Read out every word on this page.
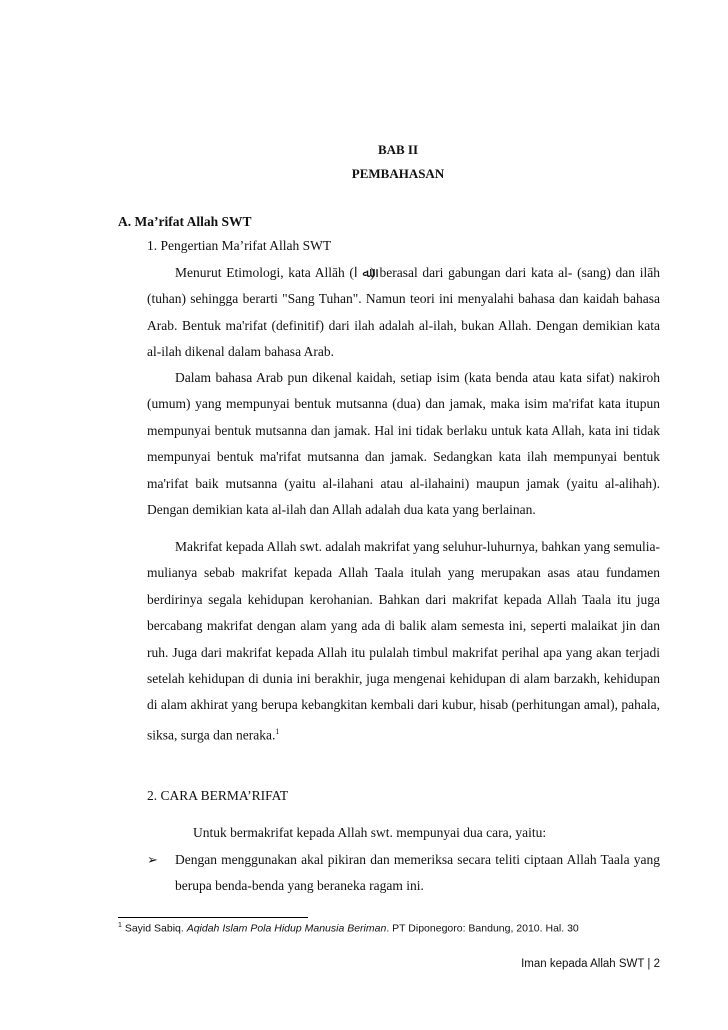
BAB II
PEMBAHASAN
A. Ma’rifat Allah SWT
1. Pengertian Ma’rifat Allah SWT

Menurut Etimologi, kata Allāh (ﷲ ا) berasal dari gabungan dari kata al- (sang) dan ilāh (tuhan) sehingga berarti "Sang Tuhan". Namun teori ini menyalahi bahasa dan kaidah bahasa Arab. Bentuk ma'rifat (definitif) dari ilah adalah al-ilah, bukan Allah. Dengan demikian kata al-ilah dikenal dalam bahasa Arab.

Dalam bahasa Arab pun dikenal kaidah, setiap isim (kata benda atau kata sifat) nakiroh (umum) yang mempunyai bentuk mutsanna (dua) dan jamak, maka isim ma'rifat kata itupun mempunyai bentuk mutsanna dan jamak. Hal ini tidak berlaku untuk kata Allah, kata ini tidak mempunyai bentuk ma'rifat mutsanna dan jamak. Sedangkan kata ilah mempunyai bentuk ma'rifat baik mutsanna (yaitu al-ilahani atau al-ilahaini) maupun jamak (yaitu al-alihah). Dengan demikian kata al-ilah dan Allah adalah dua kata yang berlainan.

Makrifat kepada Allah swt. adalah makrifat yang seluhur-luhurnya, bahkan yang semulia-mulianya sebab makrifat kepada Allah Taala itulah yang merupakan asas atau fundamen berdirinya segala kehidupan kerohanian. Bahkan dari makrifat kepada Allah Taala itu juga bercabang makrifat dengan alam yang ada di balik alam semesta ini, seperti malaikat jin dan ruh. Juga dari makrifat kepada Allah itu pulalah timbul makrifat perihal apa yang akan terjadi setelah kehidupan di dunia ini berakhir, juga mengenai kehidupan di alam barzakh, kehidupan di alam akhirat yang berupa kebangkitan kembali dari kubur, hisab (perhitungan amal), pahala, siksa, surga dan neraka.$^1$

2. CARA BERMA’RIFAT

Untuk bermakrifat kepada Allah swt. mempunyai dua cara, yaitu:

➢ Dengan menggunakan akal pikiran dan memeriksa secara teliti ciptaan Allah Taala yang berupa benda-benda yang beraneka ragam ini.

$^1$ Sayid Sabiq. Aqidah Islam Pola Hidup Manusia Beriman. PT Diponegoro: Bandung, 2010. Hal. 30
Iman kepada Allah SWT | 2
